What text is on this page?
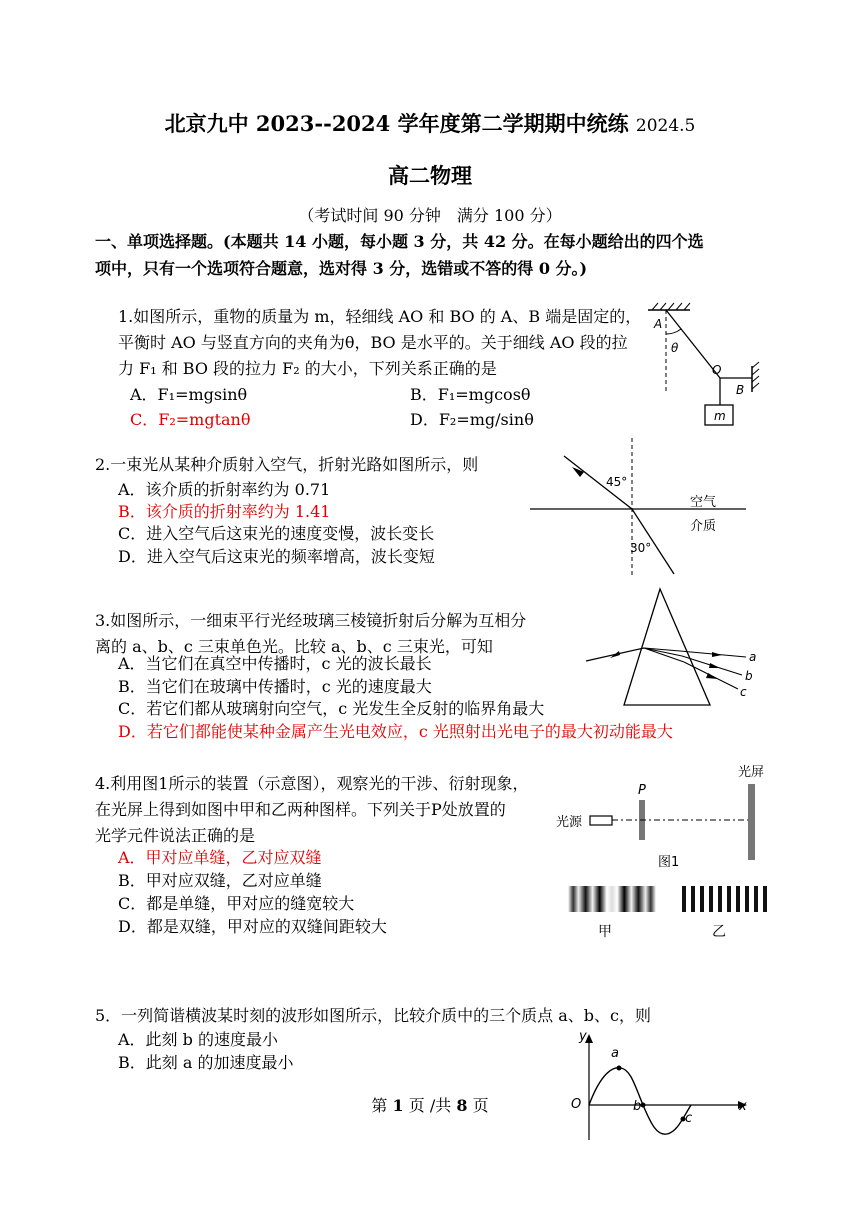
北京九中 2023--2024 学年度第二学期期中统练 2024.5
高二物理
（考试时间 90 分钟　满分 100 分）
一、单项选择题。(本题共 14 小题，每小题 3 分，共 42 分。在每小题给出的四个选
项中，只有一个选项符合题意，选对得 3 分，选错或不答的得 0 分。)
1.如图所示，重物的质量为 m，轻细线 AO 和 BO 的 A、B 端是固定的，
平衡时 AO 与竖直方向的夹角为θ，BO 是水平的。关于细线 AO 段的拉
力 F₁ 和 BO 段的拉力 F₂ 的大小，下列关系正确的是
A．F₁=mgsinθ	B．F₁=mgcosθ
C．F₂=mgtanθ	D．F₂=mg/sinθ
A
θ
O
B
m
2.一束光从某种介质射入空气，折射光路如图所示，则
A．该介质的折射率约为 0.71
B．该介质的折射率约为 1.41
C．进入空气后这束光的速度变慢，波长变长
D．进入空气后这束光的频率增高，波长变短
45°
30°
空气
介质
3.如图所示，一细束平行光经玻璃三棱镜折射后分解为互相分
离的 a、b、c 三束单色光。比较 a、b、c 三束光，可知
A．当它们在真空中传播时，c 光的波长最长
B．当它们在玻璃中传播时，c 光的速度最大
C．若它们都从玻璃射向空气，c 光发生全反射的临界角最大
D．若它们都能使某种金属产生光电效应，c 光照射出光电子的最大初动能最大
a
b
c
4.利用图1所示的装置（示意图），观察光的干涉、衍射现象，
在光屏上得到如图中甲和乙两种图样。下列关于P处放置的
光学元件说法正确的是
A．甲对应单缝，乙对应双缝
B．甲对应双缝，乙对应单缝
C．都是单缝，甲对应的缝宽较大
D．都是双缝，甲对应的双缝间距较大
光屏
P
光源
图1
甲	乙
5．一列简谐横波某时刻的波形如图所示，比较介质中的三个质点 a、b、c，则
A．此刻 b 的速度最小
B．此刻 a 的加速度最小
y
x
O
a
b
c
第 1 页 /共 8 页
